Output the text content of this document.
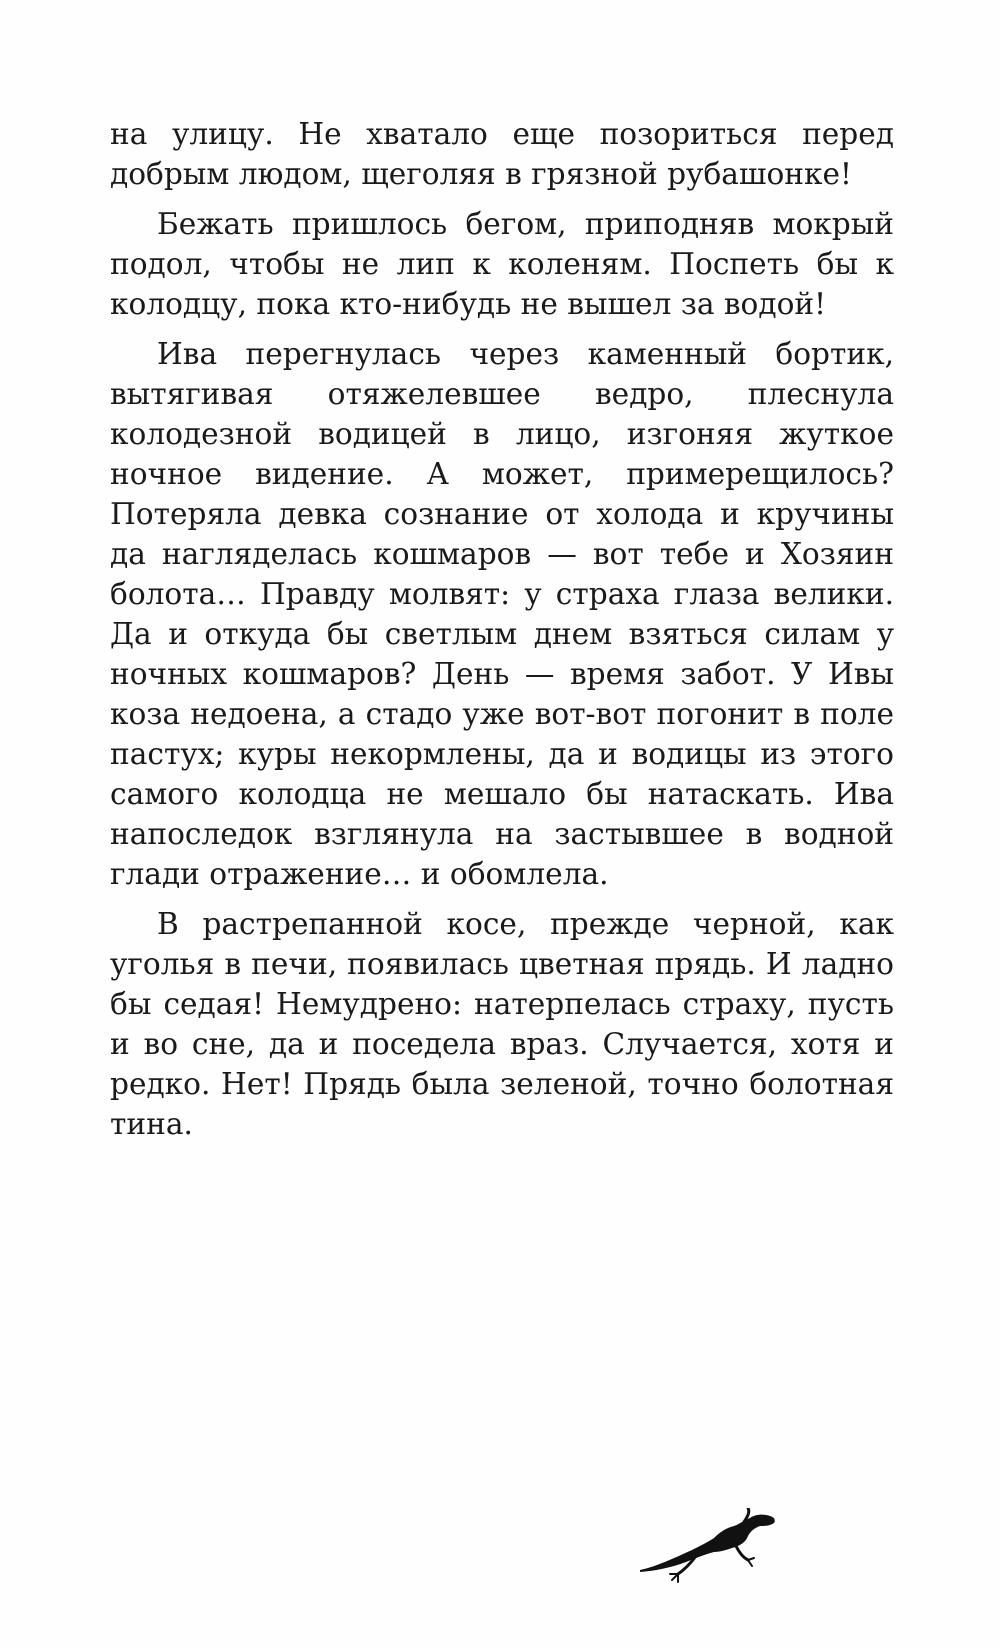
на улицу. Не хватало еще позориться перед добрым людом, щеголяя в грязной рубашонке!

Бежать пришлось бегом, приподняв мокрый подол, чтобы не лип к коленям. Поспеть бы к колодцу, пока кто-нибудь не вышел за водой!

Ива перегнулась через каменный бортик, вытягивая отяжелевшее ведро, плеснула колодезной водицей в лицо, изгоняя жуткое ночное видение. А может, примерещилось? Потеряла девка сознание от холода и кручины да нагляделась кошмаров — вот тебе и Хозяин болота… Правду молвят: у страха глаза велики. Да и откуда бы светлым днем взяться силам у ночных кошмаров? День — время забот. У Ивы коза недоена, а стадо уже вот-вот погонит в поле пастух; куры некормлены, да и водицы из этого самого колодца не мешало бы натаскать. Ива напоследок взглянула на застывшее в водной глади отражение… и обомлела.

В растрепанной косе, прежде черной, как уголья в печи, появилась цветная прядь. И ладно бы седая! Немудрено: натерпелась страху, пусть и во сне, да и поседела враз. Случается, хотя и редко. Нет! Прядь была зеленой, точно болотная тина.
